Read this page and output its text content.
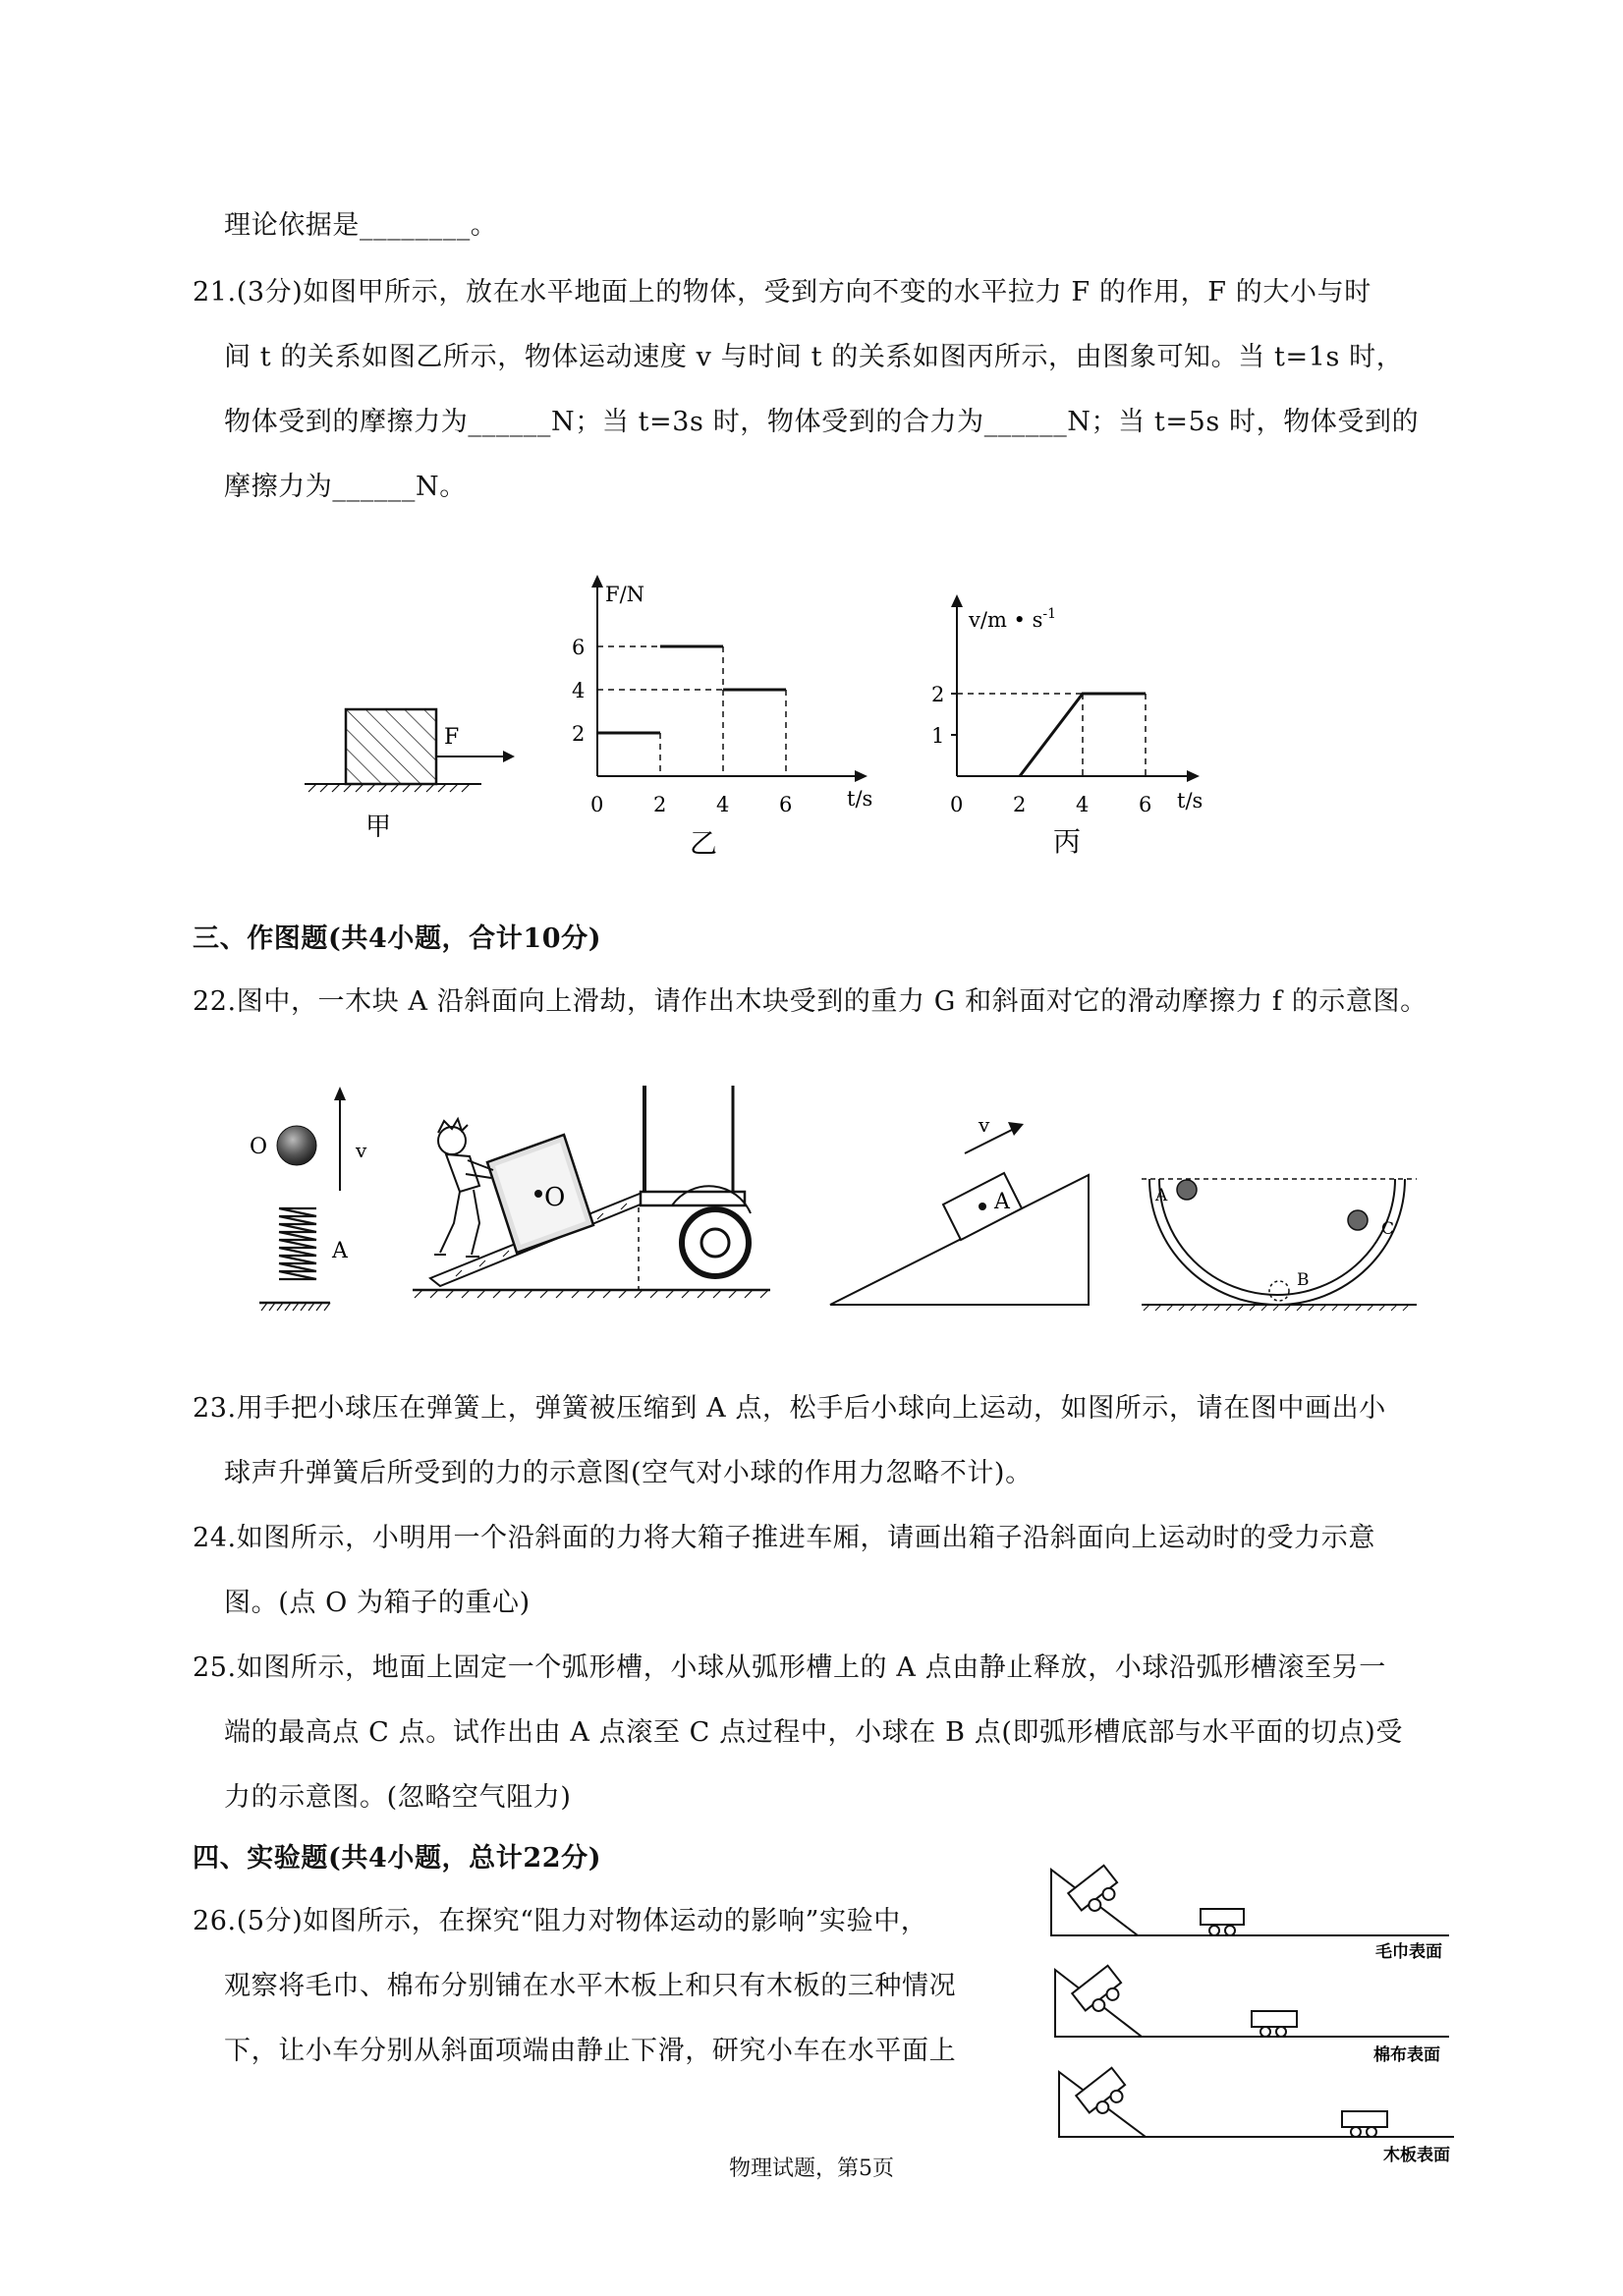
理论依据是________。
21.(3分)如图甲所示，放在水平地面上的物体，受到方向不变的水平拉力 F 的作用，F 的大小与时
间 t 的关系如图乙所示，物体运动速度 v 与时间 t 的关系如图丙所示，由图象可知。当 t=1s 时，
物体受到的摩擦力为______N；当 t=3s 时，物体受到的合力为______N；当 t=5s 时，物体受到的
摩擦力为______N。
三、作图题(共4小题，合计10分)
22.图中，一木块 A 沿斜面向上滑劫，请作出木块受到的重力 G 和斜面对它的滑动摩擦力 f 的示意图。
23.用手把小球压在弹簧上，弹簧被压缩到 A 点，松手后小球向上运动，如图所示，请在图中画出小
球声升弹簧后所受到的力的示意图(空气对小球的作用力忽略不计)。
24.如图所示，小明用一个沿斜面的力将大箱子推进车厢，请画出箱子沿斜面向上运动时的受力示意
图。(点 O 为箱子的重心)
25.如图所示，地面上固定一个弧形槽，小球从弧形槽上的 A 点由静止释放，小球沿弧形槽滚至另一
端的最高点 C 点。试作出由 A 点滚至 C 点过程中，小球在 B 点(即弧形槽底部与水平面的切点)受
力的示意图。(忽略空气阻力)
四、实验题(共4小题，总计22分)
26.(5分)如图所示，在探究“阻力对物体运动的影响”实验中，
观察将毛巾、棉布分别铺在水平木板上和只有木板的三种情况
下，让小车分别从斜面项端由静止下滑，研究小车在水平面上
物理试题，第5页
F
甲
0 2 4 6
2
4
6
F/N
t/s
乙
0 2 4 6
1
2
v/m • $s^{-1}$
t/s
丙
O	v
A
O	A
v
A
B
C
毛巾表面
棉布表面
木板表面
